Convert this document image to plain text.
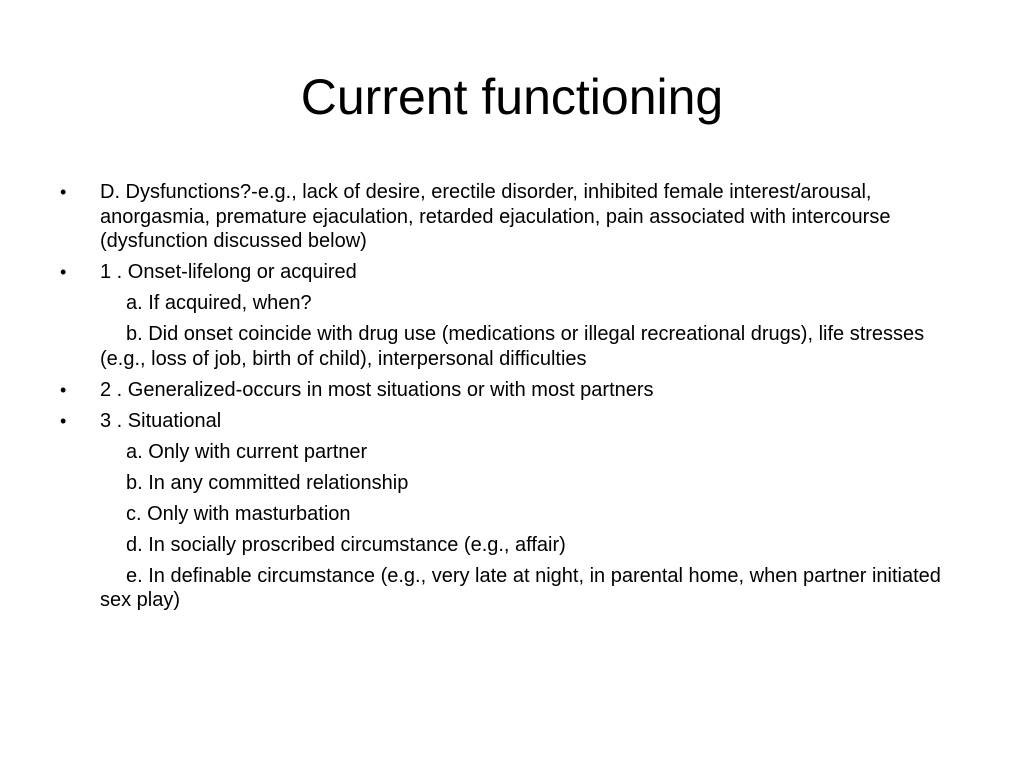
Current functioning
•	D. Dysfunctions?-e.g., lack of desire, erectile disorder, inhibited female interest/arousal, anorgasmia, premature ejaculation, retarded ejaculation, pain associated with intercourse (dysfunction discussed below)
•	1 . Onset-lifelong or acquired
a. If acquired, when?
b. Did onset coincide with drug use (medications or illegal recreational drugs), life stresses (e.g., loss of job, birth of child), interpersonal difficulties
•	2 . Generalized-occurs in most situations or with most partners
•	3 . Situational
a. Only with current partner
b. In any committed relationship
c. Only with masturbation
d. In socially proscribed circumstance (e.g., affair)
e. In definable circumstance (e.g., very late at night, in parental home, when partner initiated sex play)
